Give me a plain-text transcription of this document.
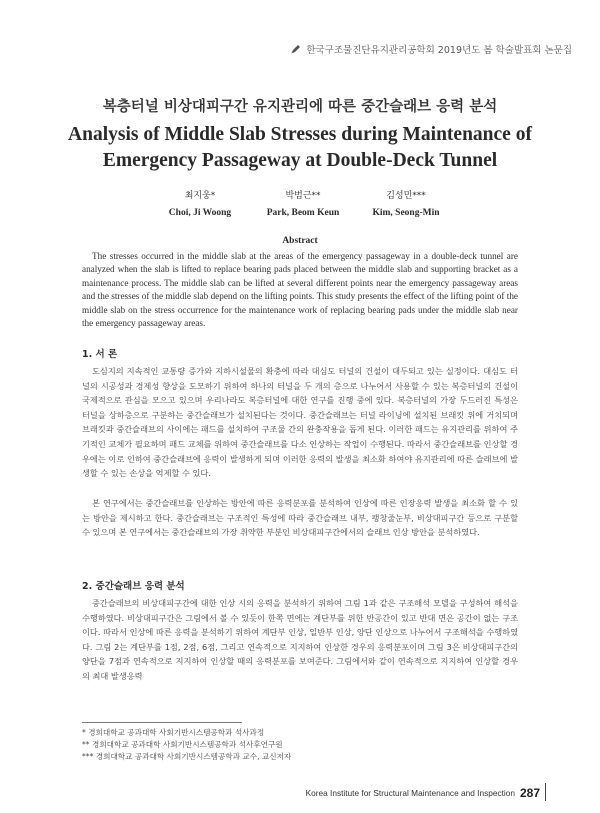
한국구조물진단유지관리공학회 2019년도 봄 학술발표회 논문집
복층터널 비상대피구간 유지관리에 따른 중간슬래브 응력 분석
Analysis of Middle Slab Stresses during Maintenance of Emergency Passageway at Double-Deck Tunnel
최지웅*
Choi, Ji Woong
박범근**
Park, Beom Keun
김성민***
Kim, Seong-Min
Abstract

The stresses occurred in the middle slab at the areas of the emergency passageway in a double-deck tunnel are analyzed when the slab is lifted to replace bearing pads placed between the middle slab and supporting bracket as a maintenance process. The middle slab can be lifted at several different points near the emergency passageway areas and the stresses of the middle slab depend on the lifting points. This study presents the effect of the lifting point of the middle slab on the stress occurrence for the maintenance work of replacing bearing pads under the middle slab near the emergency passageway areas.

1. 서 론

도심지의 지속적인 교통량 증가와 지하시설물의 확충에 따라 대심도 터널의 건설이 대두되고 있는 실정이다. 대심도 터널의 시공성과 경제성 향상을 도모하기 위하여 하나의 터널을 두 개의 층으로 나누어서 사용할 수 있는 복층터널의 건설이 국제적으로 관심을 모으고 있으며 우리나라도 복층터널에 대한 연구를 진행 중에 있다. 복층터널의 가장 두드러진 특성은 터널을 상하층으로 구분하는 중간슬래브가 설치된다는 것이다. 중간슬래브는 터널 라이닝에 설치된 브래킷 위에 거치되며 브래킷과 중간슬래브의 사이에는 패드를 설치하여 구조물 간의 완충작용을 돕게 된다. 이러한 패드는 유지관리를 위하여 주기적인 교체가 필요하며 패드 교체를 위하여 중간슬래브를 다소 인상하는 작업이 수행된다. 따라서 중간슬래브를 인상할 경우에는 이로 인하여 중간슬래브에 응력이 발생하게 되며 이러한 응력의 발생을 최소화 하여야 유지관리에 따른 슬래브에 발생할 수 있는 손상을 억제할 수 있다.

본 연구에서는 중간슬래브를 인상하는 방안에 따른 응력분포를 분석하여 인상에 따른 인장응력 발생을 최소화 할 수 있는 방안을 제시하고 한다. 중간슬래브는 구조적인 특성에 따라 중간슬래브 내부, 팽창줄눈부, 비상대피구간 등으로 구분할 수 있으며 본 연구에서는 중간슬래브의 가장 취약한 부분인 비상대피구간에서의 슬래브 인상 방안을 분석하였다.

2. 중간슬래브 응력 분석

중간슬래브의 비상대피구간에 대한 인상 시의 응력을 분석하기 위하여 그림 1과 같은 구조해석 모델을 구성하여 해석을 수행하였다. 비상대피구간은 그림에서 볼 수 있듯이 한쪽 면에는 계단부를 위한 반공간이 있고 반대 면은 공간이 없는 구조이다. 따라서 인상에 따른 응력을 분석하기 위하여 계단부 인상, 일반부 인상, 양단 인상으로 나누어서 구조해석을 수행하였다. 그림 2는 계단부를 1점, 2점, 6점, 그리고 연속적으로 지지하여 인상한 경우의 응력분포이며 그림 3은 비상대피구간의 양단을 7점과 연속적으로 지지하여 인상할 때의 응력분포를 보여준다. 그림에서와 같이 연속적으로 지지하여 인상할 경우의 최대 발생응력

* 경희대학교 공과대학 사회기반시스템공학과 석사과정
** 경희대학교 공과대학 사회기반시스템공학과 석사후연구원
*** 경희대학교 공과대학 사회기반시스템공학과 교수, 교신저자
Korea Institute for Structural Maintenance and Inspection 287
